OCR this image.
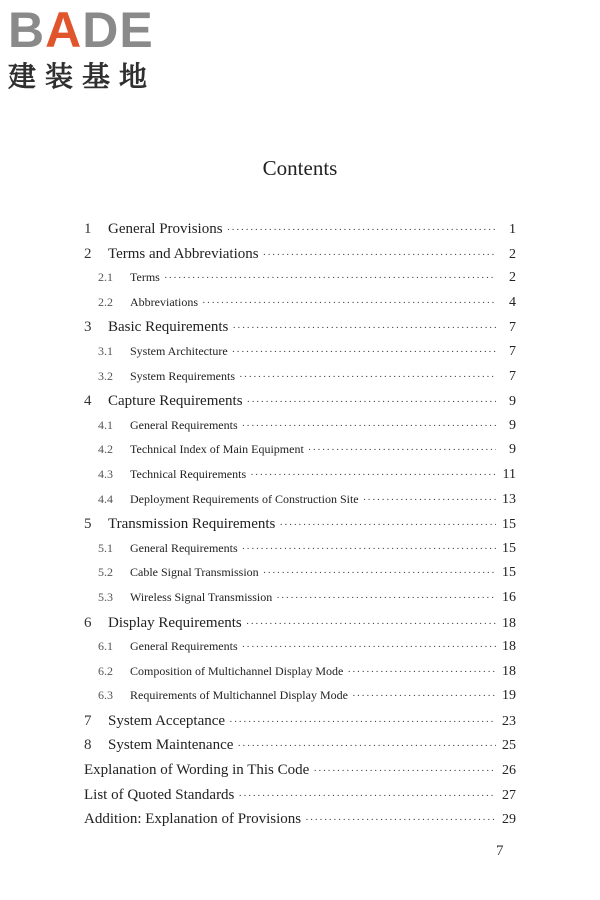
BADE
建装基地
Contents
1	General Provisions ·····	1
2	Terms and Abbreviations ·····	2
2.1	Terms ·····	2
2.2	Abbreviations ·····	4
3	Basic Requirements ·····	7
3.1	System Architecture ·····	7
3.2	System Requirements ·····	7
4	Capture Requirements ·····	9
4.1	General Requirements ·····	9
4.2	Technical Index of Main Equipment ·····	9
4.3	Technical Requirements ·····	11
4.4	Deployment Requirements of Construction Site ·····	13
5	Transmission Requirements ·····	15
5.1	General Requirements ·····	15
5.2	Cable Signal Transmission ·····	15
5.3	Wireless Signal Transmission ·····	16
6	Display Requirements ·····	18
6.1	General Requirements ·····	18
6.2	Composition of Multichannel Display Mode ·····	18
6.3	Requirements of Multichannel Display Mode ·····	19
7	System Acceptance ·····	23
8	System Maintenance ·····	25
Explanation of Wording in This Code ·····	26
List of Quoted Standards ·····	27
Addition: Explanation of Provisions ·····	29
7
